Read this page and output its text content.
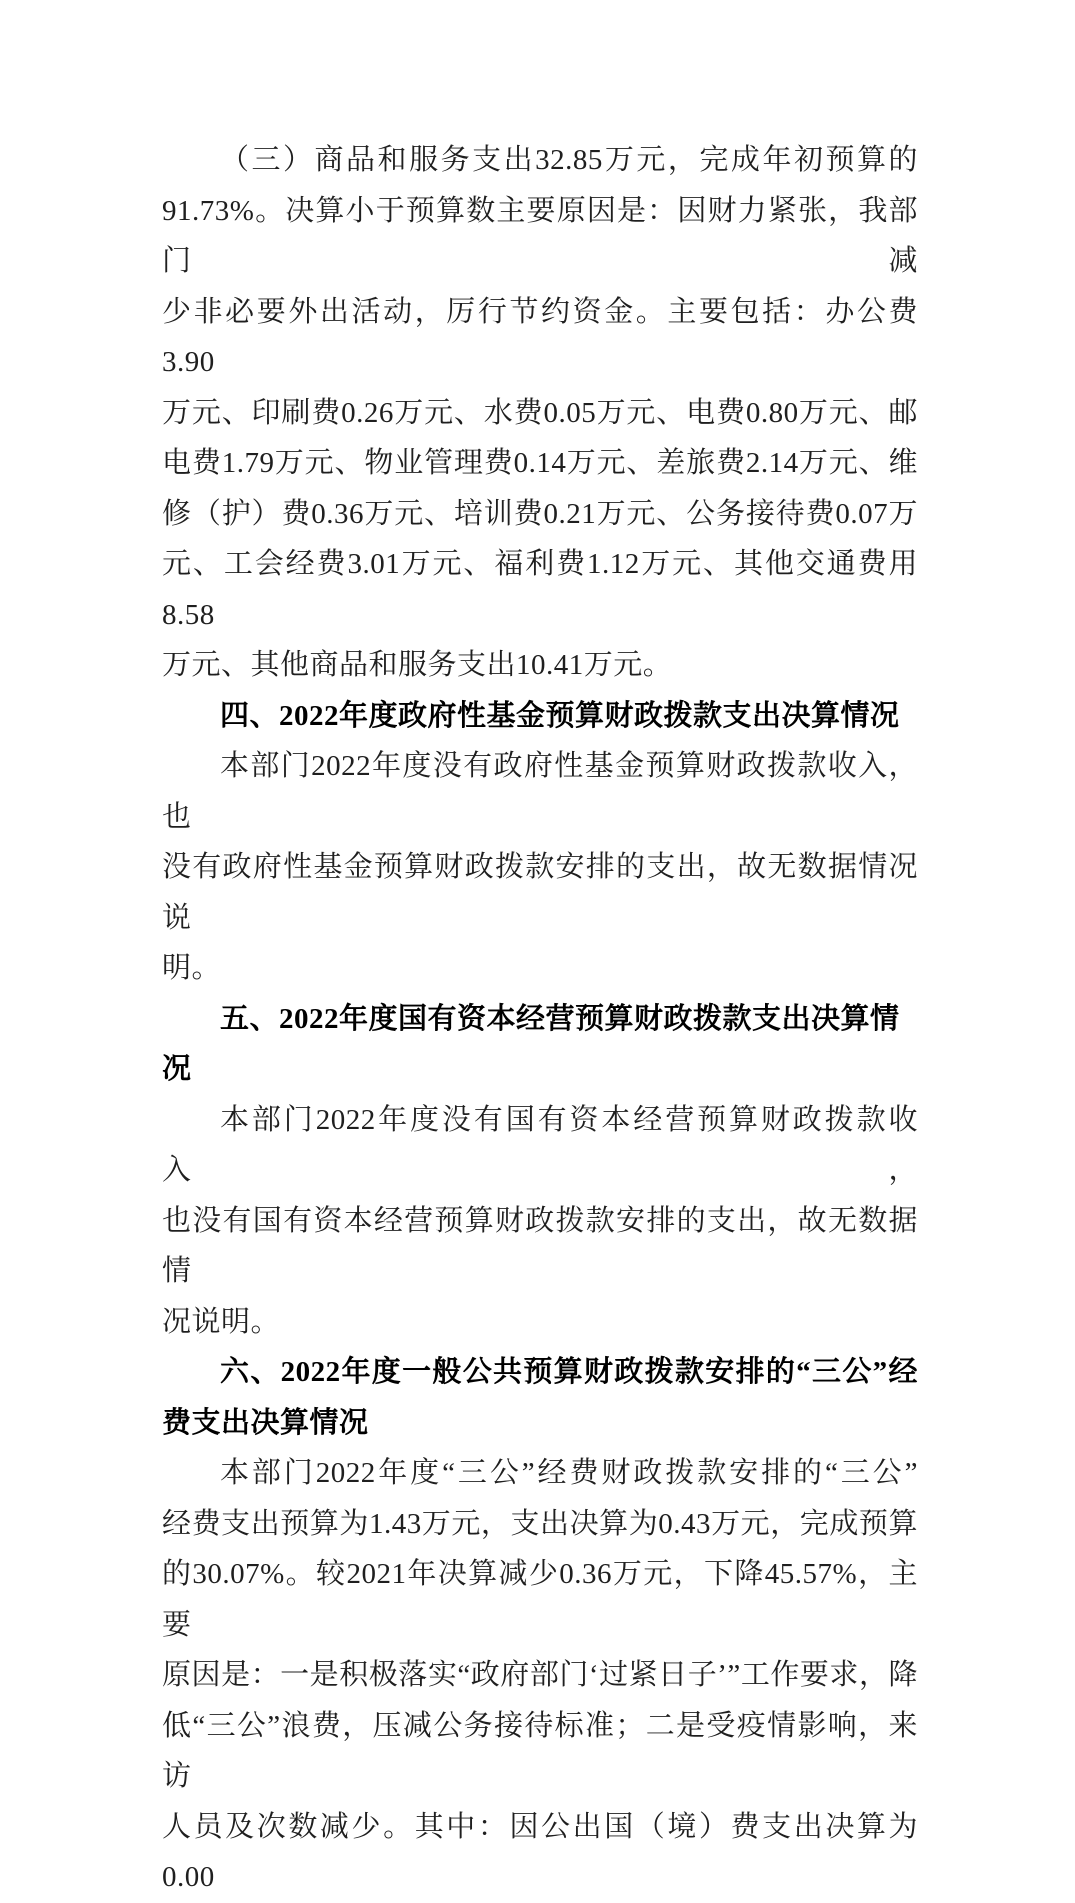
（三）商品和服务支出32.85万元，完成年初预算的
91.73%。决算小于预算数主要原因是：因财力紧张，我部门减
少非必要外出活动，厉行节约资金。主要包括：办公费3.90
万元、印刷费0.26万元、水费0.05万元、电费0.80万元、邮
电费1.79万元、物业管理费0.14万元、差旅费2.14万元、维
修（护）费0.36万元、培训费0.21万元、公务接待费0.07万
元、工会经费3.01万元、福利费1.12万元、其他交通费用8.58
万元、其他商品和服务支出10.41万元。
四、2022年度政府性基金预算财政拨款支出决算情况
本部门2022年度没有政府性基金预算财政拨款收入，也
没有政府性基金预算财政拨款安排的支出，故无数据情况说
明。
五、2022年度国有资本经营预算财政拨款支出决算情况
本部门2022年度没有国有资本经营预算财政拨款收入，
也没有国有资本经营预算财政拨款安排的支出，故无数据情
况说明。
六、2022年度一般公共预算财政拨款安排的“三公”经
费支出决算情况
本部门2022年度“三公”经费财政拨款安排的“三公”
经费支出预算为1.43万元，支出决算为0.43万元，完成预算
的30.07%。较2021年决算减少0.36万元，下降45.57%，主要
原因是：一是积极落实“政府部门‘过紧日子’”工作要求，降
低“三公”浪费，压减公务接待标准；二是受疫情影响，来访
人员及次数减少。其中：因公出国（境）费支出决算为0.00
